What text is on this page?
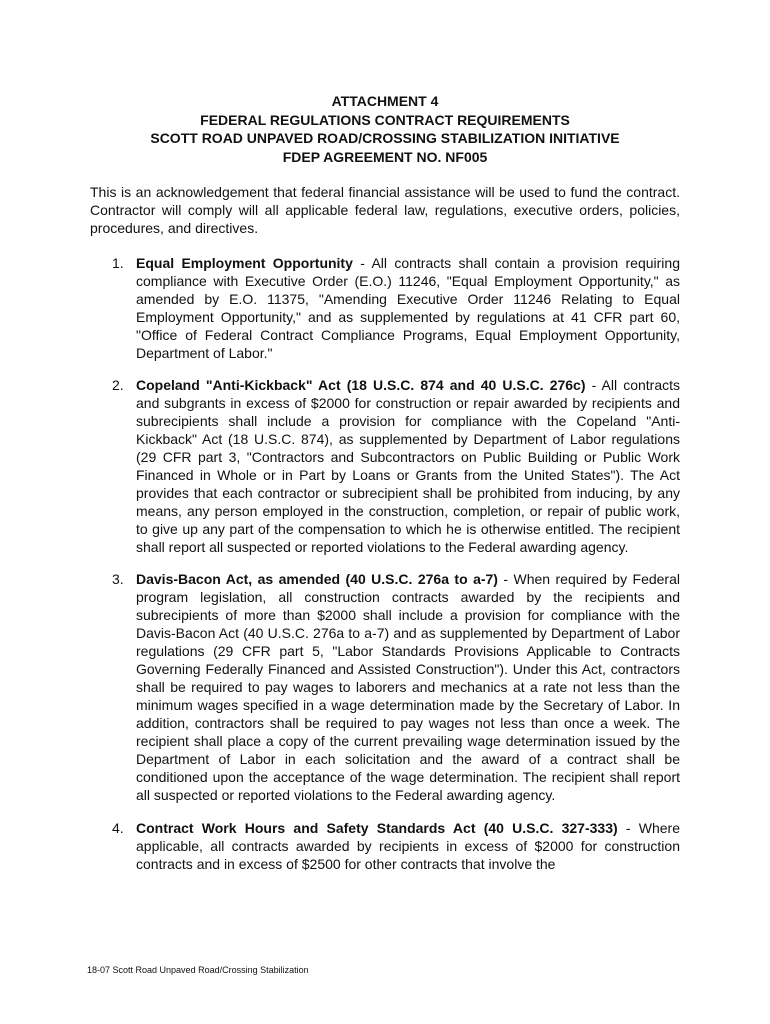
ATTACHMENT 4
FEDERAL REGULATIONS CONTRACT REQUIREMENTS
SCOTT ROAD UNPAVED ROAD/CROSSING STABILIZATION INITIATIVE
FDEP AGREEMENT NO. NF005

This is an acknowledgement that federal financial assistance will be used to fund the contract. Contractor will comply will all applicable federal law, regulations, executive orders, policies, procedures, and directives.

1. Equal Employment Opportunity - All contracts shall contain a provision requiring compliance with Executive Order (E.O.) 11246, "Equal Employment Opportunity," as amended by E.O. 11375, "Amending Executive Order 11246 Relating to Equal Employment Opportunity," and as supplemented by regulations at 41 CFR part 60, "Office of Federal Contract Compliance Programs, Equal Employment Opportunity, Department of Labor."
2. Copeland "Anti-Kickback" Act (18 U.S.C. 874 and 40 U.S.C. 276c) - All contracts and subgrants in excess of $2000 for construction or repair awarded by recipients and subrecipients shall include a provision for compliance with the Copeland "Anti-Kickback" Act (18 U.S.C. 874), as supplemented by Department of Labor regulations (29 CFR part 3, "Contractors and Subcontractors on Public Building or Public Work Financed in Whole or in Part by Loans or Grants from the United States"). The Act provides that each contractor or subrecipient shall be prohibited from inducing, by any means, any person employed in the construction, completion, or repair of public work, to give up any part of the compensation to which he is otherwise entitled. The recipient shall report all suspected or reported violations to the Federal awarding agency.
3. Davis-Bacon Act, as amended (40 U.S.C. 276a to a-7) - When required by Federal program legislation, all construction contracts awarded by the recipients and subrecipients of more than $2000 shall include a provision for compliance with the Davis-Bacon Act (40 U.S.C. 276a to a-7) and as supplemented by Department of Labor regulations (29 CFR part 5, "Labor Standards Provisions Applicable to Contracts Governing Federally Financed and Assisted Construction"). Under this Act, contractors shall be required to pay wages to laborers and mechanics at a rate not less than the minimum wages specified in a wage determination made by the Secretary of Labor. In addition, contractors shall be required to pay wages not less than once a week. The recipient shall place a copy of the current prevailing wage determination issued by the Department of Labor in each solicitation and the award of a contract shall be conditioned upon the acceptance of the wage determination. The recipient shall report all suspected or reported violations to the Federal awarding agency.
4. Contract Work Hours and Safety Standards Act (40 U.S.C. 327-333) - Where applicable, all contracts awarded by recipients in excess of $2000 for construction contracts and in excess of $2500 for other contracts that involve the
18-07 Scott Road Unpaved Road/Crossing Stabilization
